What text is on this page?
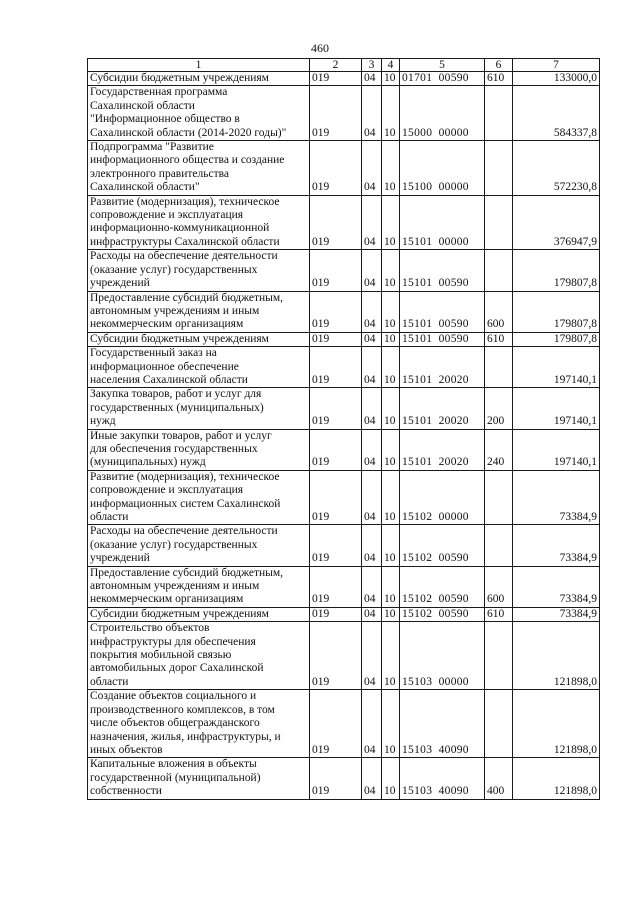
460
1	2	3	4	5	6	7
Субсидии бюджетным учреждениям	019	04	10	01701  00590	610	133000,0
Государственная программа
Сахалинской области
"Информационное общество в
Сахалинской области (2014-2020 годы)"	019	04	10	15000  00000		584337,8
Подпрограмма "Развитие
информационного общества и создание
электронного правительства
Сахалинской области"	019	04	10	15100  00000		572230,8
Развитие (модернизация), техническое
сопровождение и эксплуатация
информационно-коммуникационной
инфраструктуры Сахалинской области	019	04	10	15101  00000		376947,9
Расходы на обеспечение деятельности
(оказание услуг) государственных
учреждений	019	04	10	15101  00590		179807,8
Предоставление субсидий бюджетным,
автономным учреждениям и иным
некоммерческим организациям	019	04	10	15101  00590	600	179807,8
Субсидии бюджетным учреждениям	019	04	10	15101  00590	610	179807,8
Государственный заказ на
информационное обеспечение
населения Сахалинской области	019	04	10	15101  20020		197140,1
Закупка товаров, работ и услуг для
государственных (муниципальных)
нужд	019	04	10	15101  20020	200	197140,1
Иные закупки товаров, работ и услуг
для обеспечения государственных
(муниципальных) нужд	019	04	10	15101  20020	240	197140,1
Развитие (модернизация), техническое
сопровождение и эксплуатация
информационных систем Сахалинской
области	019	04	10	15102  00000		73384,9
Расходы на обеспечение деятельности
(оказание услуг) государственных
учреждений	019	04	10	15102  00590		73384,9
Предоставление субсидий бюджетным,
автономным учреждениям и иным
некоммерческим организациям	019	04	10	15102  00590	600	73384,9
Субсидии бюджетным учреждениям	019	04	10	15102  00590	610	73384,9
Строительство объектов
инфраструктуры для обеспечения
покрытия мобильной связью
автомобильных дорог Сахалинской
области	019	04	10	15103  00000		121898,0
Создание объектов социального и
производственного комплексов, в том
числе объектов общегражданского
назначения, жилья, инфраструктуры, и
иных объектов	019	04	10	15103  40090		121898,0
Капитальные вложения в объекты
государственной (муниципальной)
собственности	019	04	10	15103  40090	400	121898,0
